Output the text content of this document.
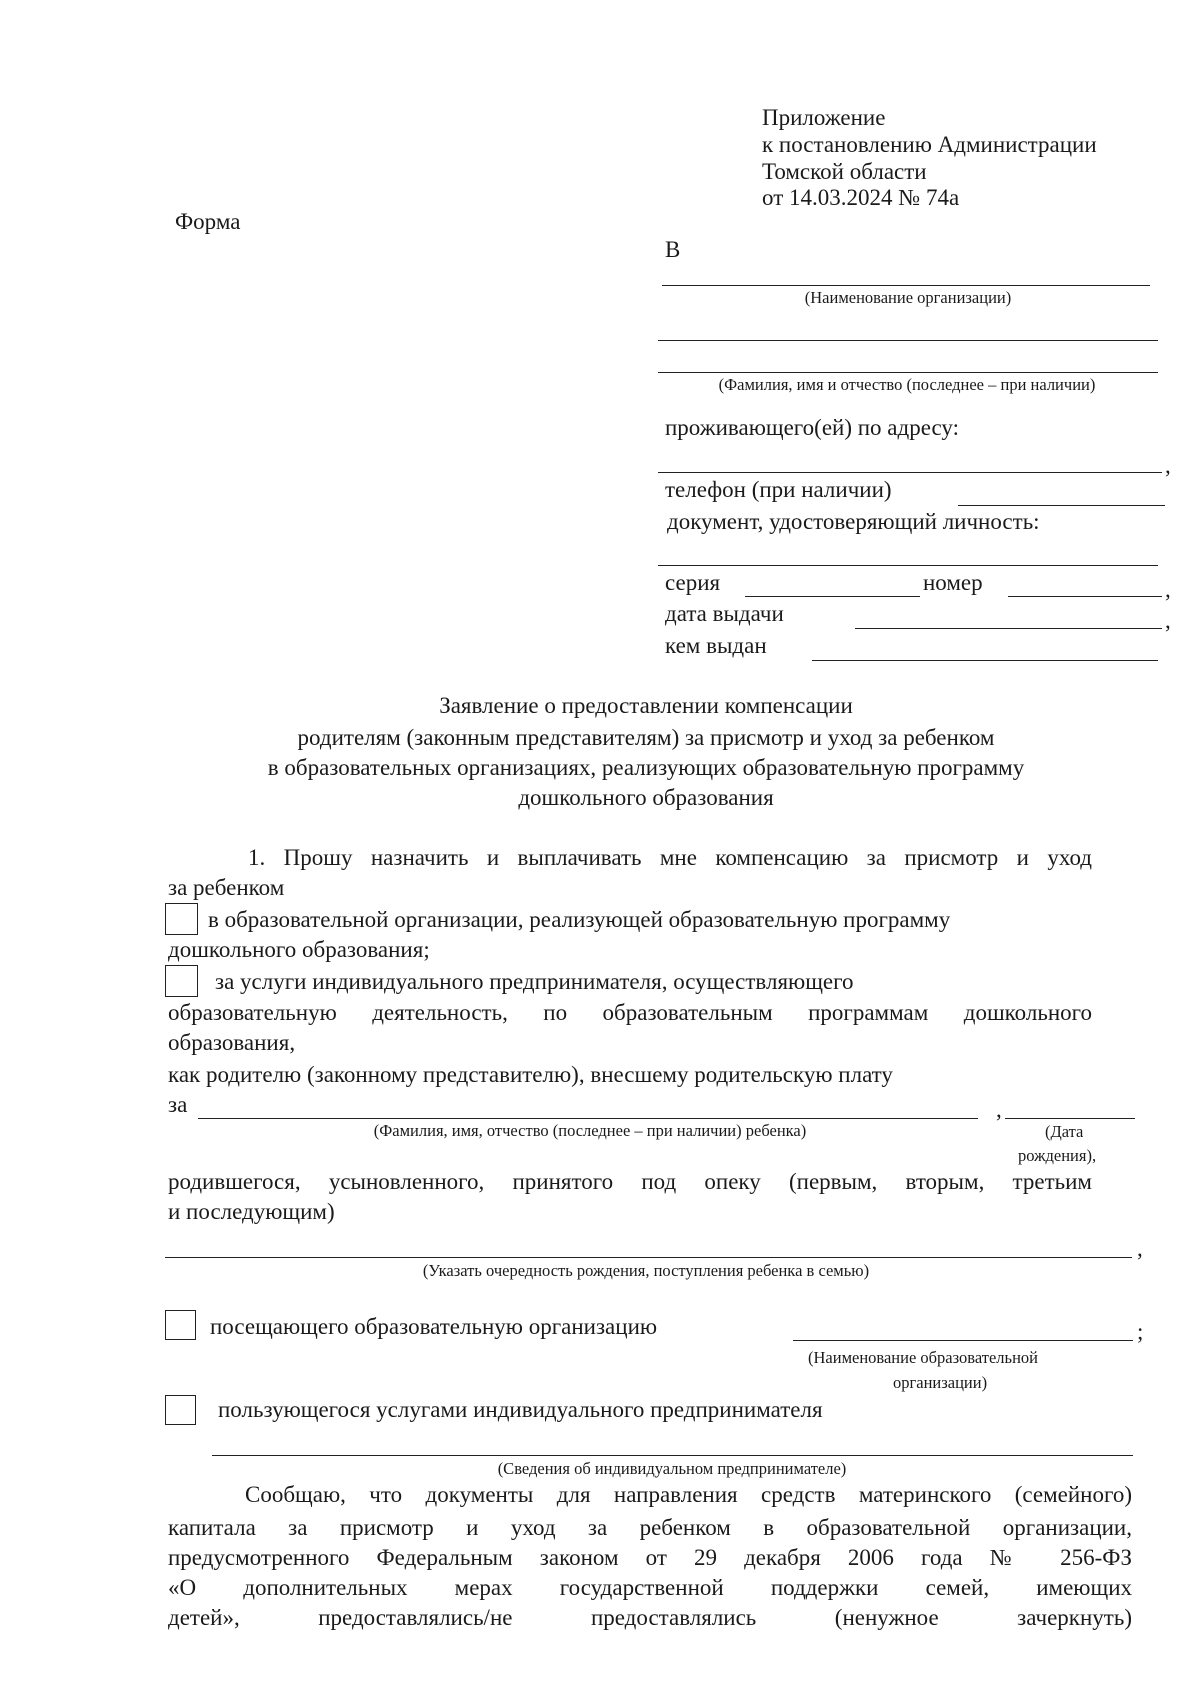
Приложение
к постановлению Администрации
Томской области
от 14.03.2024 № 74а
Форма
В
(Наименование организации)
(Фамилия, имя и отчество (последнее – при наличии)
проживающего(ей) по адресу:
,
телефон (при наличии)
документ, удостоверяющий личность:
серия	номер	,
дата выдачи	,
кем выдан
Заявление о предоставлении компенсации
родителям (законным представителям) за присмотр и уход за ребенком
в образовательных организациях, реализующих образовательную программу
дошкольного образования
1. Прошу назначить и выплачивать мне компенсацию за присмотр и уход
за ребенком
в образовательной организации, реализующей образовательную программу
дошкольного образования;
за услуги индивидуального предпринимателя, осуществляющего
образовательную деятельность, по образовательным программам дошкольного
образования,
как родителю (законному представителю), внесшему родительскую плату
за	,
(Фамилия, имя, отчество (последнее – при наличии) ребенка)	(Дата
рождения),
родившегося, усыновленного, принятого под опеку (первым, вторым, третьим
и последующим)
,
(Указать очередность рождения, поступления ребенка в семью)
посещающего образовательную организацию	;
(Наименование образовательной
организации)
пользующегося услугами индивидуального предпринимателя
(Сведения об индивидуальном предпринимателе)
Сообщаю, что документы для направления средств материнского (семейного)
капитала за присмотр и уход за ребенком в образовательной организации,
предусмотренного Федеральным законом от 29 декабря 2006 года № 256-ФЗ
«О дополнительных мерах государственной поддержки семей, имеющих
детей», предоставлялись/не предоставлялись (ненужное зачеркнуть)
